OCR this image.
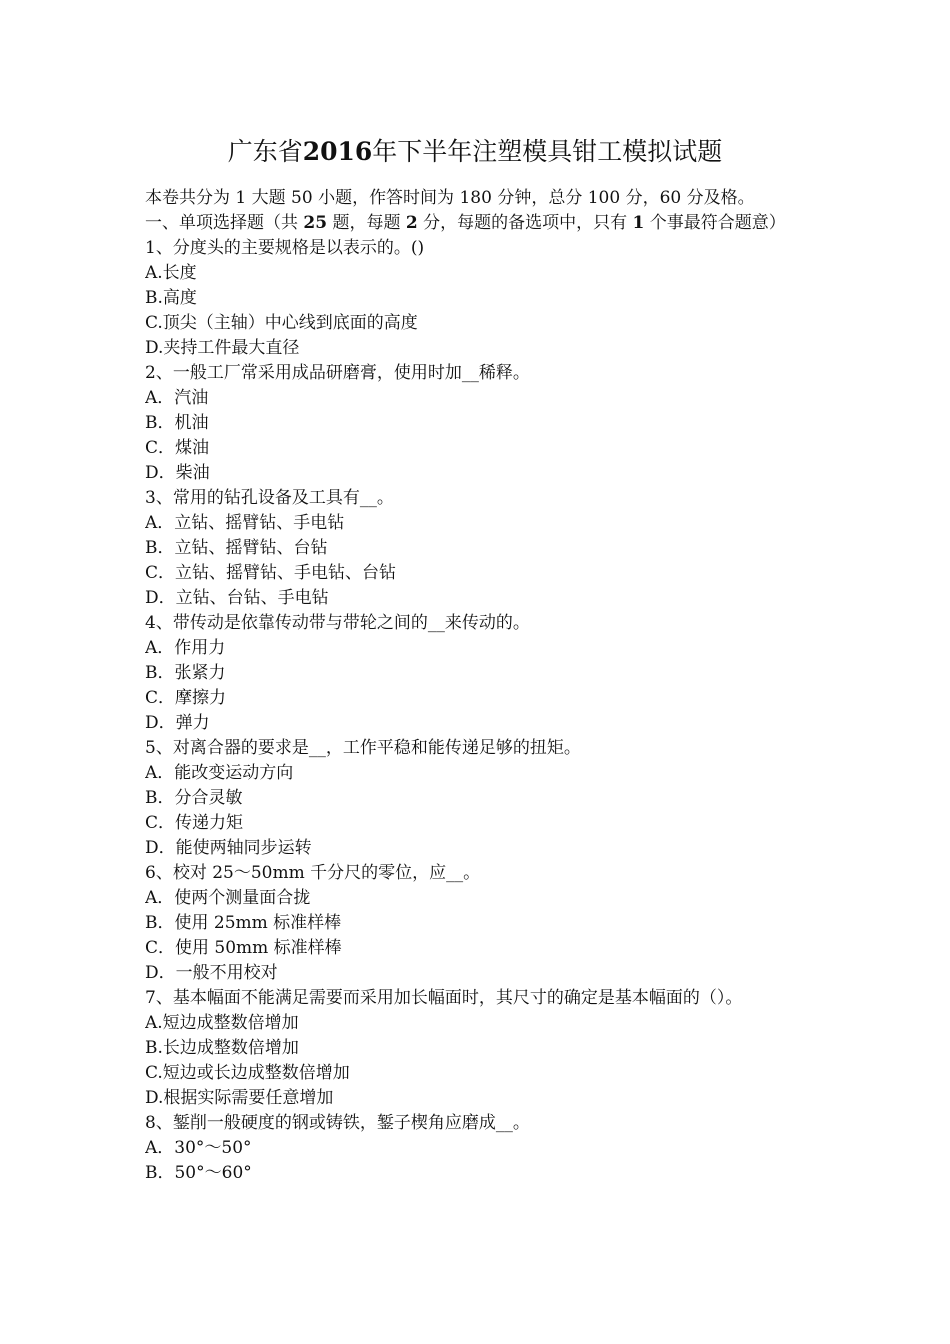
广东省2016年下半年注塑模具钳工模拟试题
本卷共分为 1 大题 50 小题，作答时间为 180 分钟，总分 100 分，60 分及格。
一、单项选择题（共 25 题，每题 2 分，每题的备选项中，只有 1 个事最符合题意）
1、分度头的主要规格是以表示的。()
A.长度
B.高度
C.顶尖（主轴）中心线到底面的高度
D.夹持工件最大直径
2、一般工厂常采用成品研磨膏，使用时加__稀释。
A．汽油
B．机油
C．煤油
D．柴油
3、常用的钻孔设备及工具有__。
A．立钻、摇臂钻、手电钻
B．立钻、摇臂钻、台钻
C．立钻、摇臂钻、手电钻、台钻
D．立钻、台钻、手电钻
4、带传动是依靠传动带与带轮之间的__来传动的。
A．作用力
B．张紧力
C．摩擦力
D．弹力
5、对离合器的要求是__，工作平稳和能传递足够的扭矩。
A．能改变运动方向
B．分合灵敏
C．传递力矩
D．能使两轴同步运转
6、校对 25～50mm 千分尺的零位，应__。
A．使两个测量面合拢
B．使用 25mm 标准样棒
C．使用 50mm 标准样棒
D．一般不用校对
7、基本幅面不能满足需要而采用加长幅面时，其尺寸的确定是基本幅面的（）。
A.短边成整数倍增加
B.长边成整数倍增加
C.短边或长边成整数倍增加
D.根据实际需要任意增加
8、錾削一般硬度的钢或铸铁，錾子楔角应磨成__。
A．30°～50°
B．50°～60°
